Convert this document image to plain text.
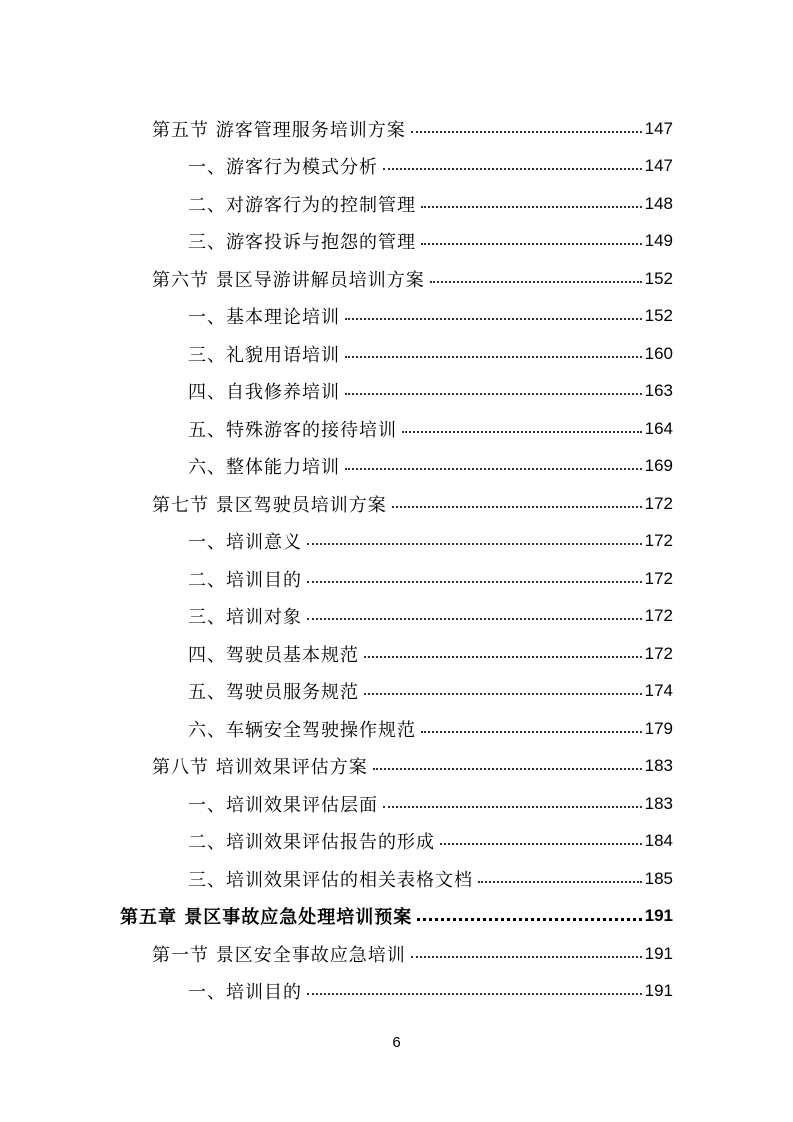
第五节 游客管理服务培训方案	147
一、游客行为模式分析	147
二、对游客行为的控制管理	148
三、游客投诉与抱怨的管理	149
第六节 景区导游讲解员培训方案	152
一、基本理论培训	152
三、礼貌用语培训	160
四、自我修养培训	163
五、特殊游客的接待培训	164
六、整体能力培训	169
第七节 景区驾驶员培训方案	172
一、培训意义	172
二、培训目的	172
三、培训对象	172
四、驾驶员基本规范	172
五、驾驶员服务规范	174
六、车辆安全驾驶操作规范	179
第八节 培训效果评估方案	183
一、培训效果评估层面	183
二、培训效果评估报告的形成	184
三、培训效果评估的相关表格文档	185
第五章 景区事故应急处理培训预案	191
第一节 景区安全事故应急培训	191
一、培训目的	191
6
